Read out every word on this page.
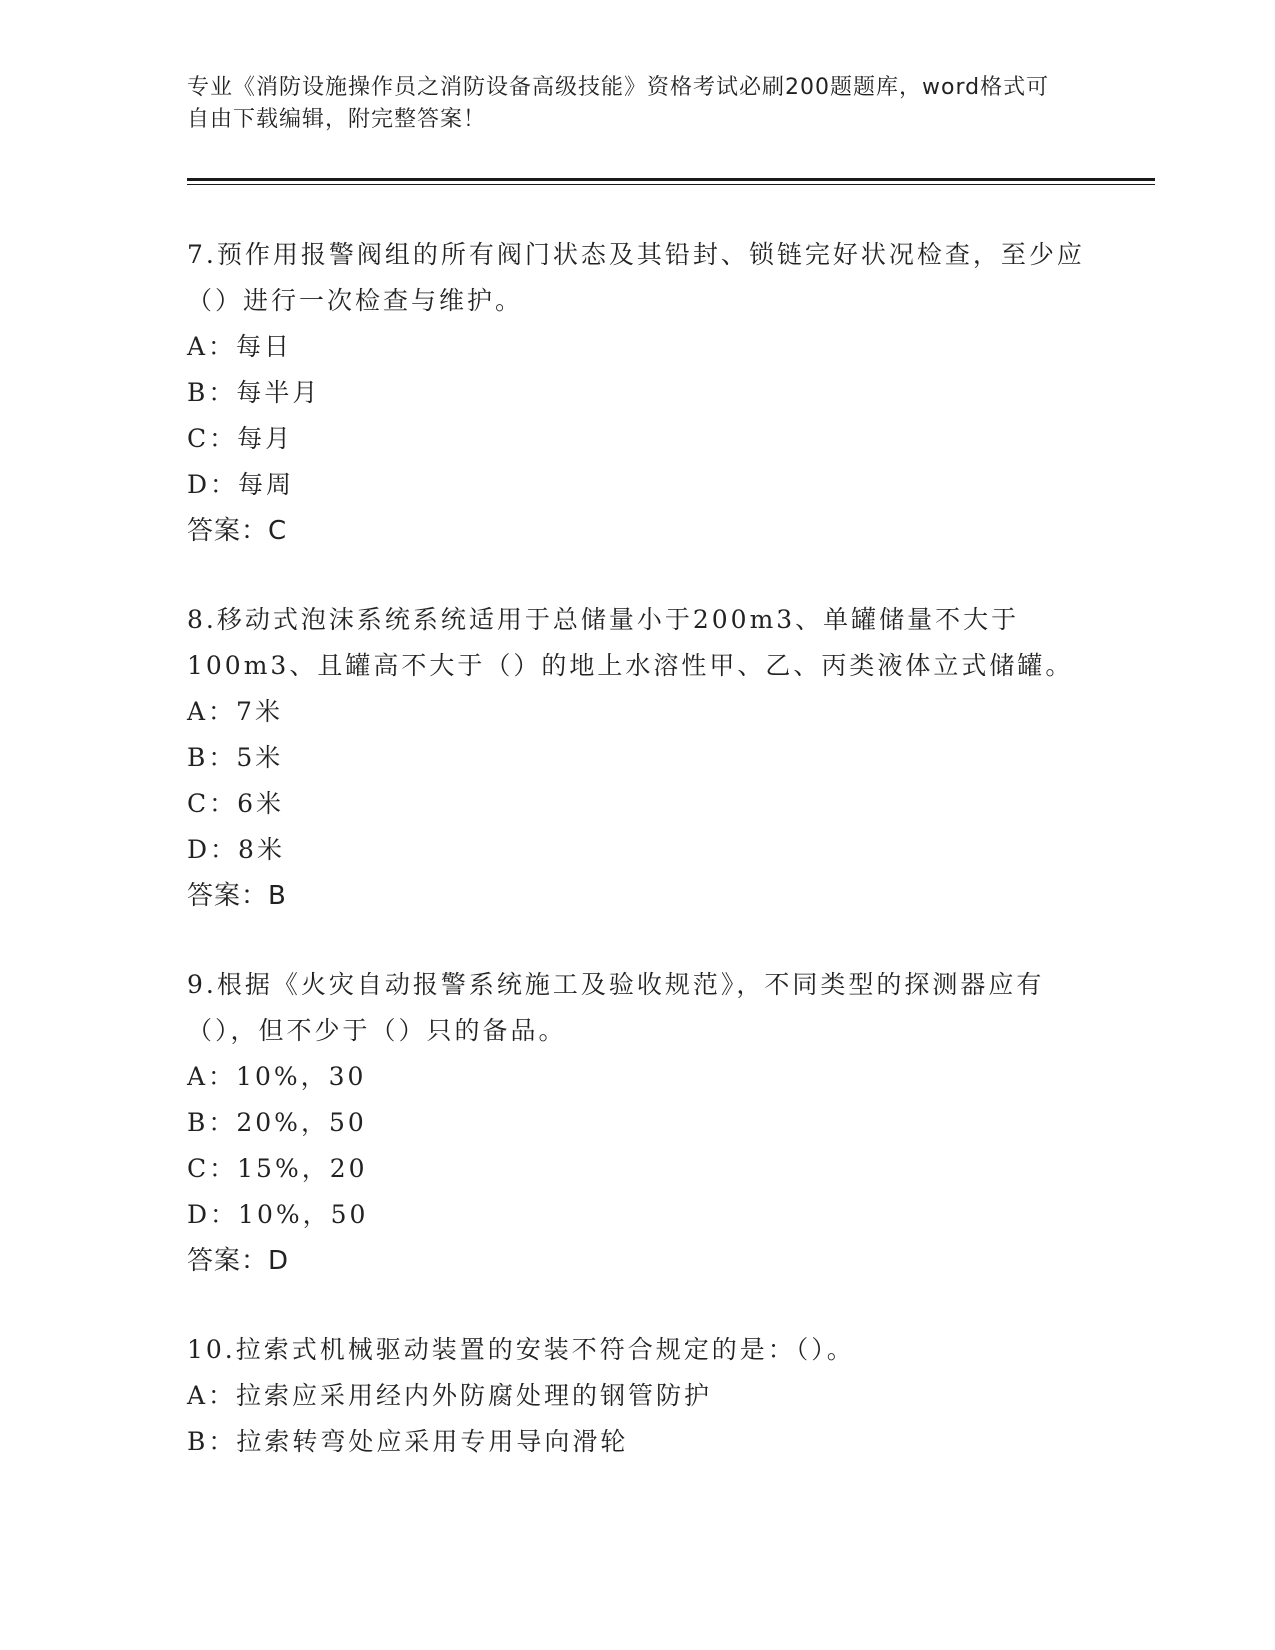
专业《消防设施操作员之消防设备高级技能》资格考试必刷200题题库，word格式可自由下载编辑，附完整答案！

7.预作用报警阀组的所有阀门状态及其铅封、锁链完好状况检查，至少应（）进行一次检查与维护。

A：每日

B：每半月

C：每月

D：每周

答案：C

8.移动式泡沫系统系统适用于总储量小于200m3、单罐储量不大于100m3、且罐高不大于（）的地上水溶性甲、乙、丙类液体立式储罐。

A：7米

B：5米

C：6米

D：8米

答案：B

9.根据《火灾自动报警系统施工及验收规范》，不同类型的探测器应有（），但不少于（）只的备品。

A：10%，30

B：20%，50

C：15%，20

D：10%，50

答案：D

10.拉索式机械驱动装置的安装不符合规定的是：（）。

A：拉索应采用经内外防腐处理的钢管防护

B：拉索转弯处应采用专用导向滑轮
